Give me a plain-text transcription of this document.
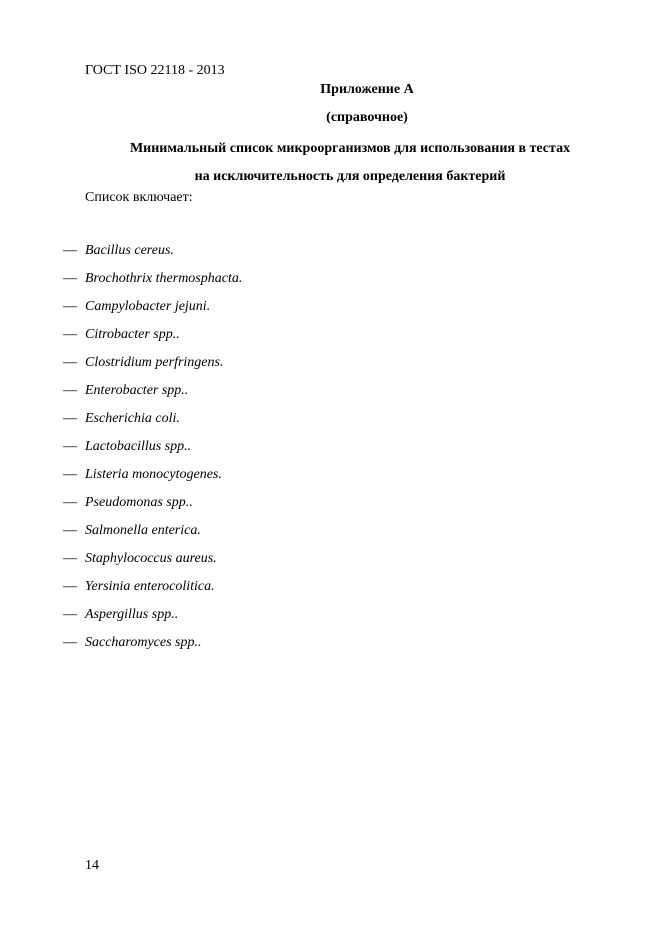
ГОСТ ISO 22118 - 2013
Приложение А
(справочное)
Минимальный список микроорганизмов для использования в тестах
на исключительность для определения бактерий
Список включает:
— Bacillus cereus.
— Brochothrix thermosphacta.
— Campylobacter jejuni.
— Citrobacter spp..
— Clostridium perfringens.
— Enterobacter spp..
— Escherichia coli.
— Lactobacillus spp..
— Listeria monocytogenes.
— Pseudomonas spp..
— Salmonella enterica.
— Staphylococcus aureus.
— Yersinia enterocolitica.
— Aspergillus spp..
— Saccharomyces spp..
14
